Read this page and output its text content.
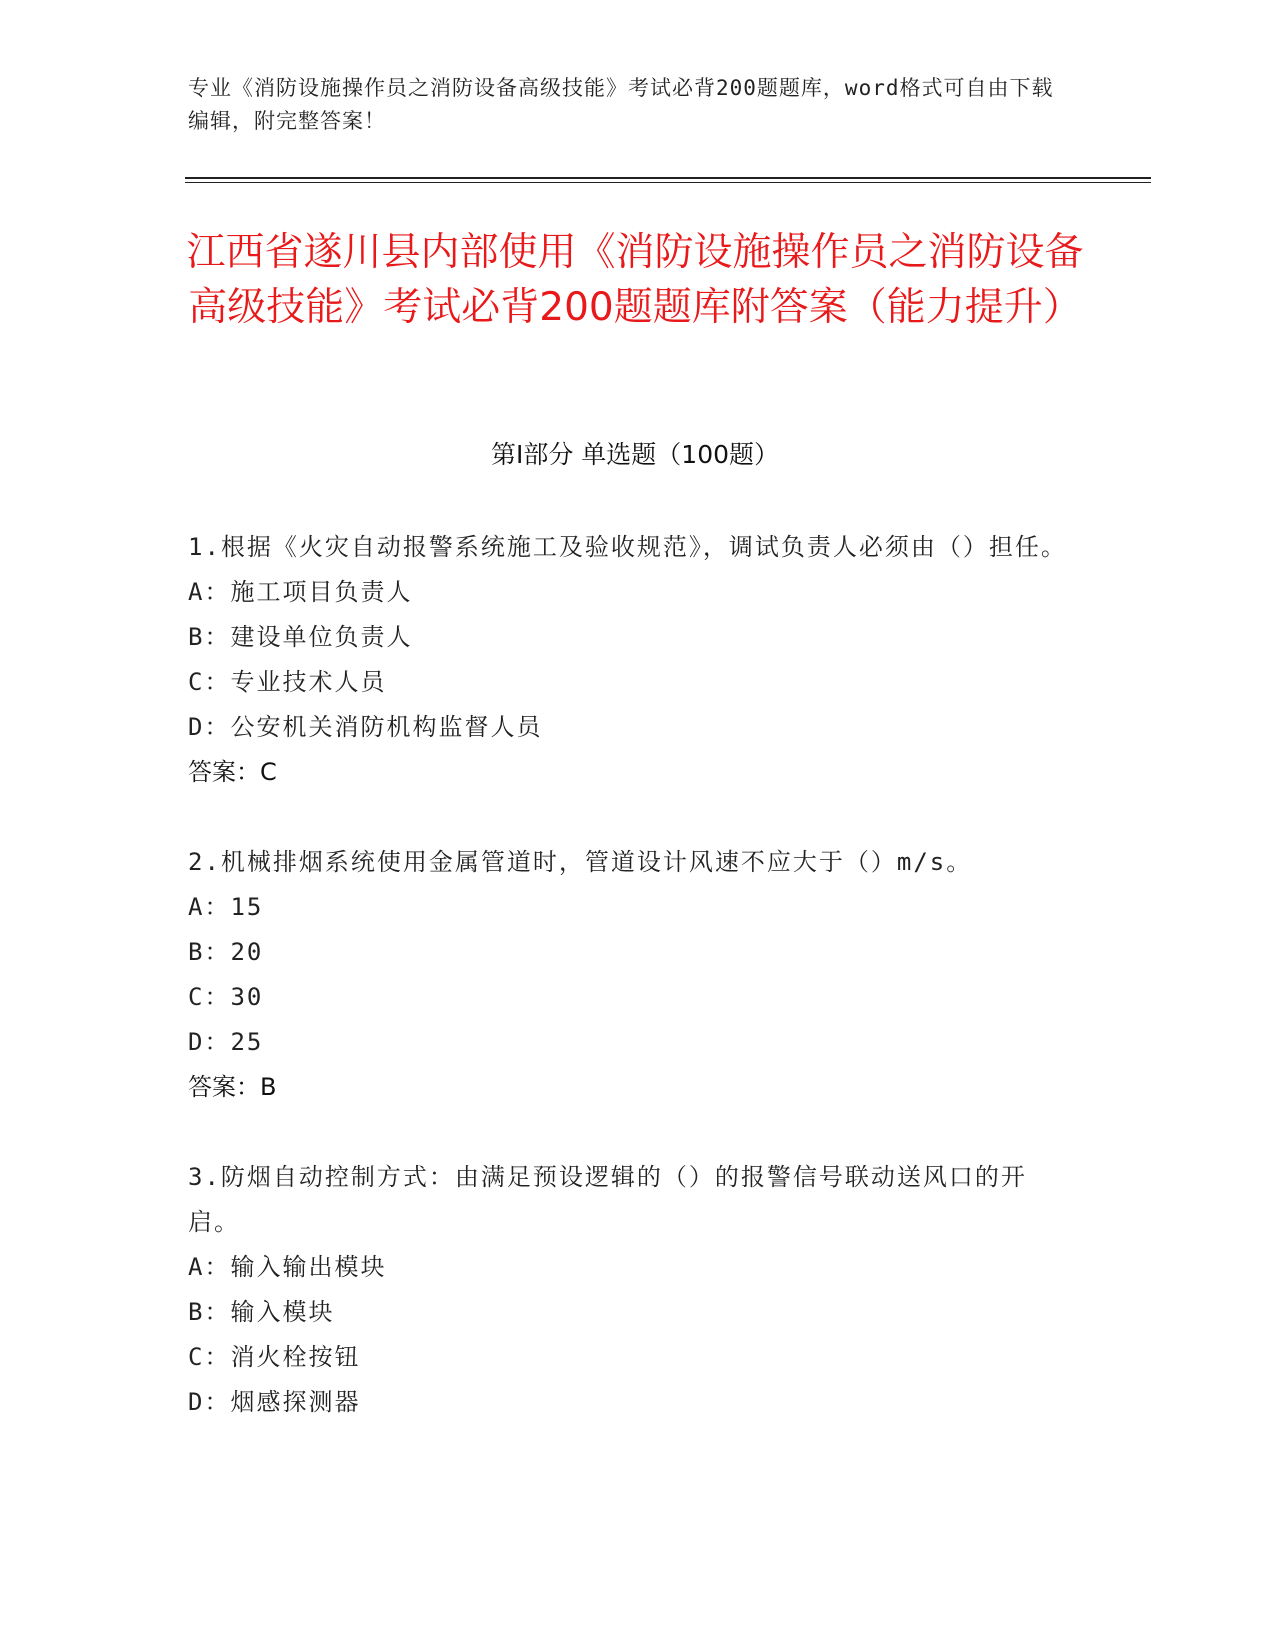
专业《消防设施操作员之消防设备高级技能》考试必背200题题库，word格式可自由下载编辑，附完整答案！
江西省遂川县内部使用《消防设施操作员之消防设备高级技能》考试必背200题题库附答案（能力提升）
第Ⅰ部分 单选题（100题）
1.根据《火灾自动报警系统施工及验收规范》，调试负责人必须由（）担任。
A：施工项目负责人
B：建设单位负责人
C：专业技术人员
D：公安机关消防机构监督人员
答案：C
2.机械排烟系统使用金属管道时，管道设计风速不应大于（）m/s。
A：15
B：20
C：30
D：25
答案：B
3.防烟自动控制方式：由满足预设逻辑的（）的报警信号联动送风口的开启。
A：输入输出模块
B：输入模块
C：消火栓按钮
D：烟感探测器
